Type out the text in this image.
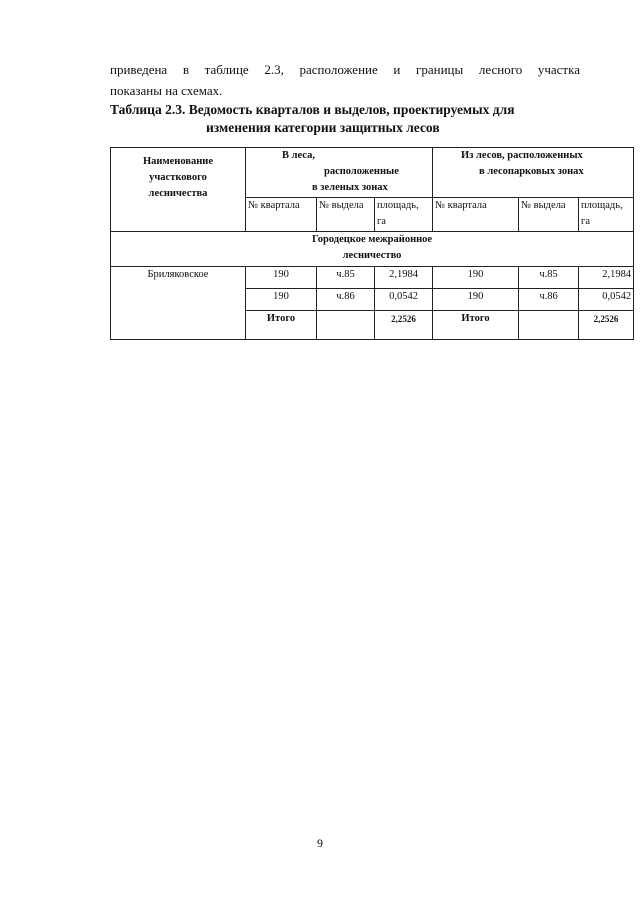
приведена в таблице 2.3, расположение и границы лесного участка
показаны на схемах.
Таблица 2.3. Ведомость кварталов и выделов, проектируемых для
изменения категории защитных лесов
Наименование
участкового
лесничества	В леса,
расположенные
в зеленых зонах			Из лесов, расположенных
в лесопарковых зонах		

	№ квартала	№ выдела	площадь, га	№ квартала	№ выдела	площадь, га

Городецкое межрайонное
лесничество						

Бриляковское	190	ч.85	2,1984	190	ч.85	2,1984
	190	ч.86	0,0542	190	ч.86	0,0542
	Итого		2,2526	Итого		2,2526
9
